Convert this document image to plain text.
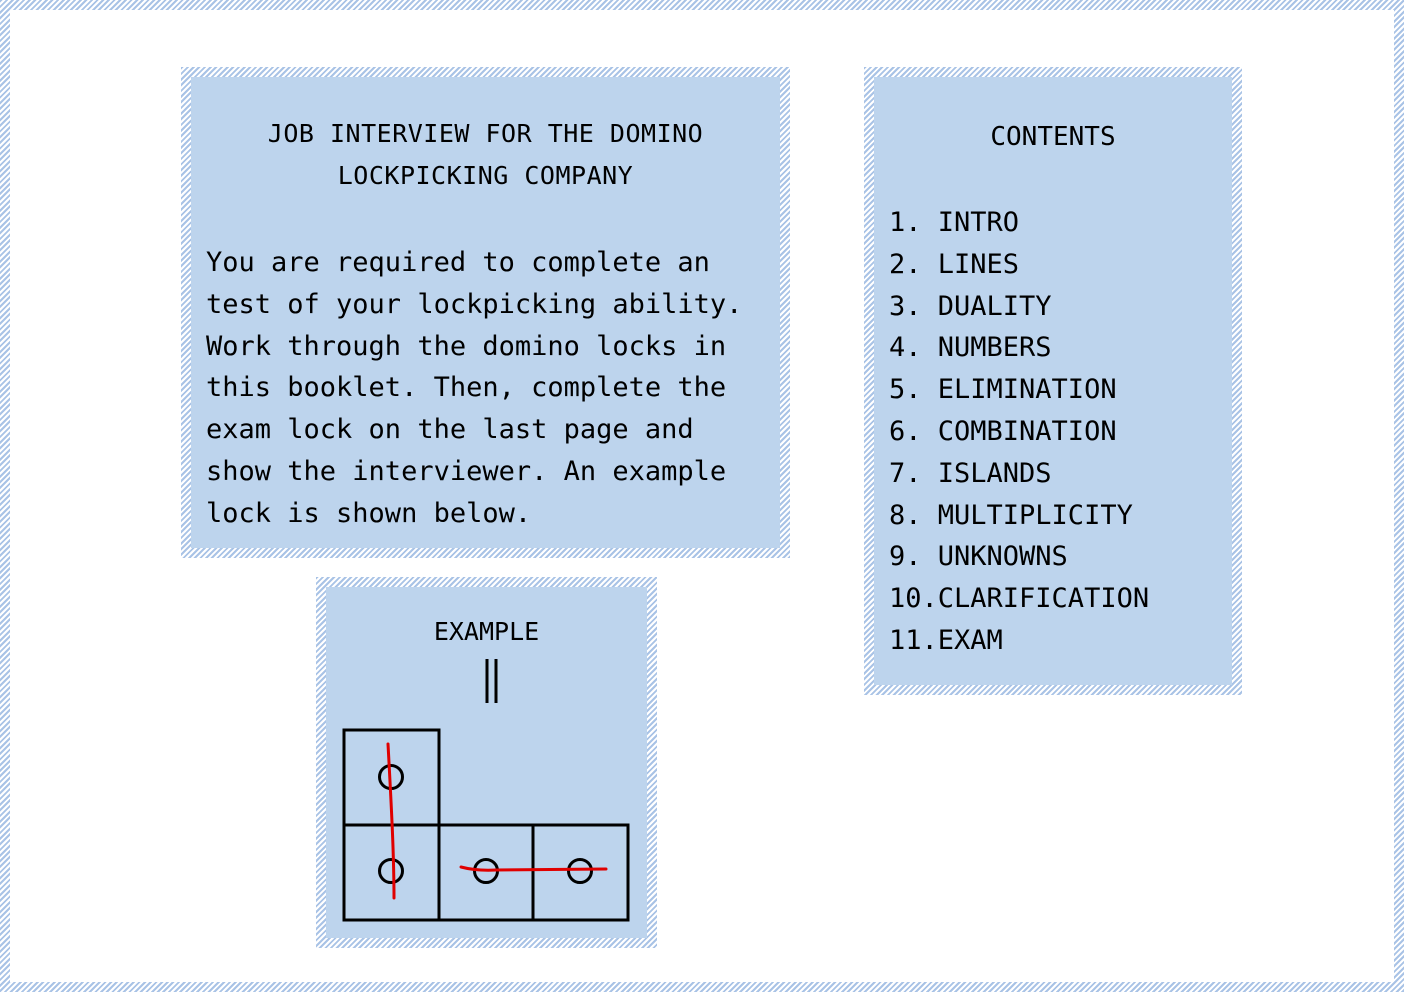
JOB INTERVIEW FOR THE DOMINO
LOCKPICKING COMPANY
You are required to complete an
test of your lockpicking ability.
Work through the domino locks in
this booklet. Then, complete the
exam lock on the last page and
show the interviewer. An example
lock is shown below.
CONTENTS
1. INTRO
2. LINES
3. DUALITY
4. NUMBERS
5. ELIMINATION
6. COMBINATION
7. ISLANDS
8. MULTIPLICITY
9. UNKNOWNS
10.CLARIFICATION
11.EXAM
EXAMPLE
